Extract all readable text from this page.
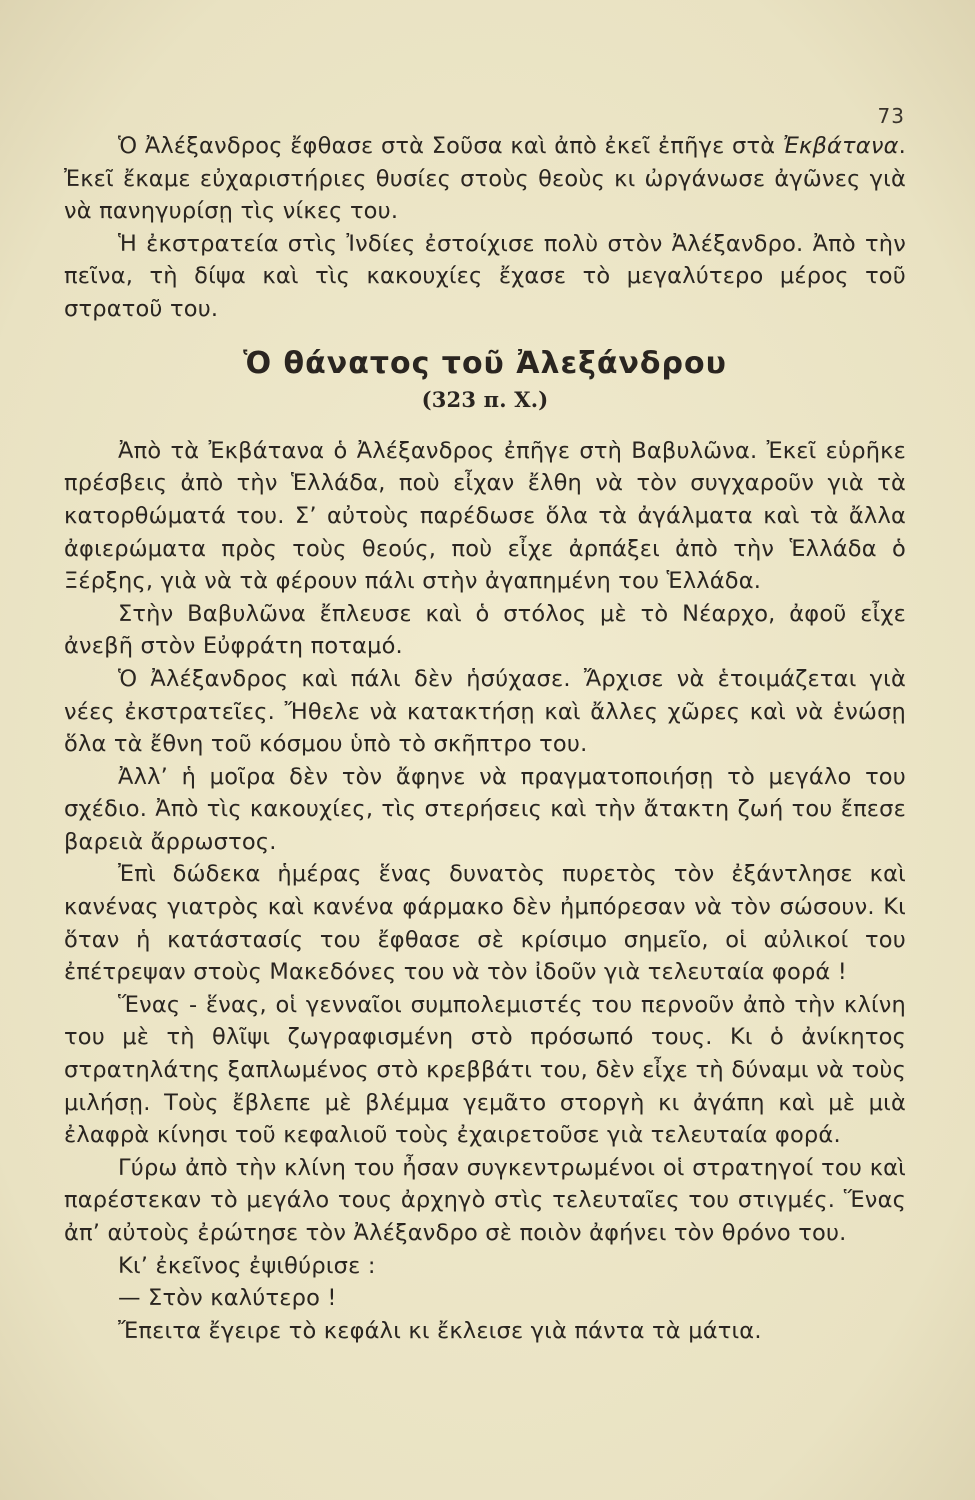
73

Ὁ Ἀλέξανδρος ἔφθασε στὰ Σοῦσα καὶ ἀπὸ ἐκεῖ ἐπῆγε στὰ Ἐκβάτανα. Ἐκεῖ ἔκαμε εὐχαριστήριες θυσίες στοὺς θεοὺς κι ὠργάνωσε ἀγῶνες γιὰ νὰ πανηγυρίσῃ τὶς νίκες του.

Ἡ ἐκστρατεία στὶς Ἰνδίες ἐστοίχισε πολὺ στὸν Ἀλέξανδρο. Ἀπὸ τὴν πεῖνα, τὴ δίψα καὶ τὶς κακουχίες ἔχασε τὸ μεγαλύτερο μέρος τοῦ στρατοῦ του.

Ὁ θάνατος τοῦ Ἀλεξάνδρου
(323 π. Χ.)

Ἀπὸ τὰ Ἐκβάτανα ὁ Ἀλέξανδρος ἐπῆγε στὴ Βαβυλῶνα. Ἐκεῖ εὑρῆκε πρέσβεις ἀπὸ τὴν Ἑλλάδα, ποὺ εἶχαν ἔλθη νὰ τὸν συγχαροῦν γιὰ τὰ κατορθώματά του. Σ’ αὐτοὺς παρέδωσε ὅλα τὰ ἀγάλματα καὶ τὰ ἄλλα ἀφιερώματα πρὸς τοὺς θεούς, ποὺ εἶχε ἀρπάξει ἀπὸ τὴν Ἑλλάδα ὁ Ξέρξης, γιὰ νὰ τὰ φέρουν πάλι στὴν ἀγαπημένη του Ἑλλάδα.

Στὴν Βαβυλῶνα ἔπλευσε καὶ ὁ στόλος μὲ τὸ Νέαρχο, ἀφοῦ εἶχε ἀνεβῆ στὸν Εὐφράτη ποταμό.

Ὁ Ἀλέξανδρος καὶ πάλι δὲν ἡσύχασε. Ἄρχισε νὰ ἑτοιμάζεται γιὰ νέες ἐκστρατεῖες. Ἤθελε νὰ κατακτήσῃ καὶ ἄλλες χῶρες καὶ νὰ ἑνώσῃ ὅλα τὰ ἔθνη τοῦ κόσμου ὑπὸ τὸ σκῆπτρο του.

Ἀλλ’ ἡ μοῖρα δὲν τὸν ἄφηνε νὰ πραγματοποιήσῃ τὸ μεγάλο του σχέδιο. Ἀπὸ τὶς κακουχίες, τὶς στερήσεις καὶ τὴν ἄτακτη ζωή του ἔπεσε βαρειὰ ἄρρωστος.

Ἐπὶ δώδεκα ἡμέρας ἕνας δυνατὸς πυρετὸς τὸν ἐξάντλησε καὶ κανένας γιατρὸς καὶ κανένα φάρμακο δὲν ἠμπόρεσαν νὰ τὸν σώσουν. Κι ὅταν ἡ κατάστασίς του ἔφθασε σὲ κρίσιμο σημεῖο, οἱ αὐλικοί του ἐπέτρεψαν στοὺς Μακεδόνες του νὰ τὸν ἰδοῦν γιὰ τελευταία φορά !

Ἕνας - ἕνας, οἱ γενναῖοι συμπολεμιστές του περνοῦν ἀπὸ τὴν κλίνη του μὲ τὴ θλῖψι ζωγραφισμένη στὸ πρόσωπό τους. Κι ὁ ἀνίκητος στρατηλάτης ξαπλωμένος στὸ κρεββάτι του, δὲν εἶχε τὴ δύναμι νὰ τοὺς μιλήσῃ. Τοὺς ἔβλεπε μὲ βλέμμα γεμᾶτο στοργὴ κι ἀγάπη καὶ μὲ μιὰ ἐλαφρὰ κίνησι τοῦ κεφαλιοῦ τοὺς ἐχαιρετοῦσε γιὰ τελευταία φορά.

Γύρω ἀπὸ τὴν κλίνη του ἦσαν συγκεντρωμένοι οἱ στρατηγοί του καὶ παρέστεκαν τὸ μεγάλο τους ἀρχηγὸ στὶς τελευταῖες του στιγμές. Ἕνας ἀπ’ αὐτοὺς ἐρώτησε τὸν Ἀλέξανδρο σὲ ποιὸν ἀφήνει τὸν θρόνο του.

Κι’ ἐκεῖνος ἐψιθύρισε :

— Στὸν καλύτερο !

Ἔπειτα ἔγειρε τὸ κεφάλι κι ἔκλεισε γιὰ πάντα τὰ μάτια.
